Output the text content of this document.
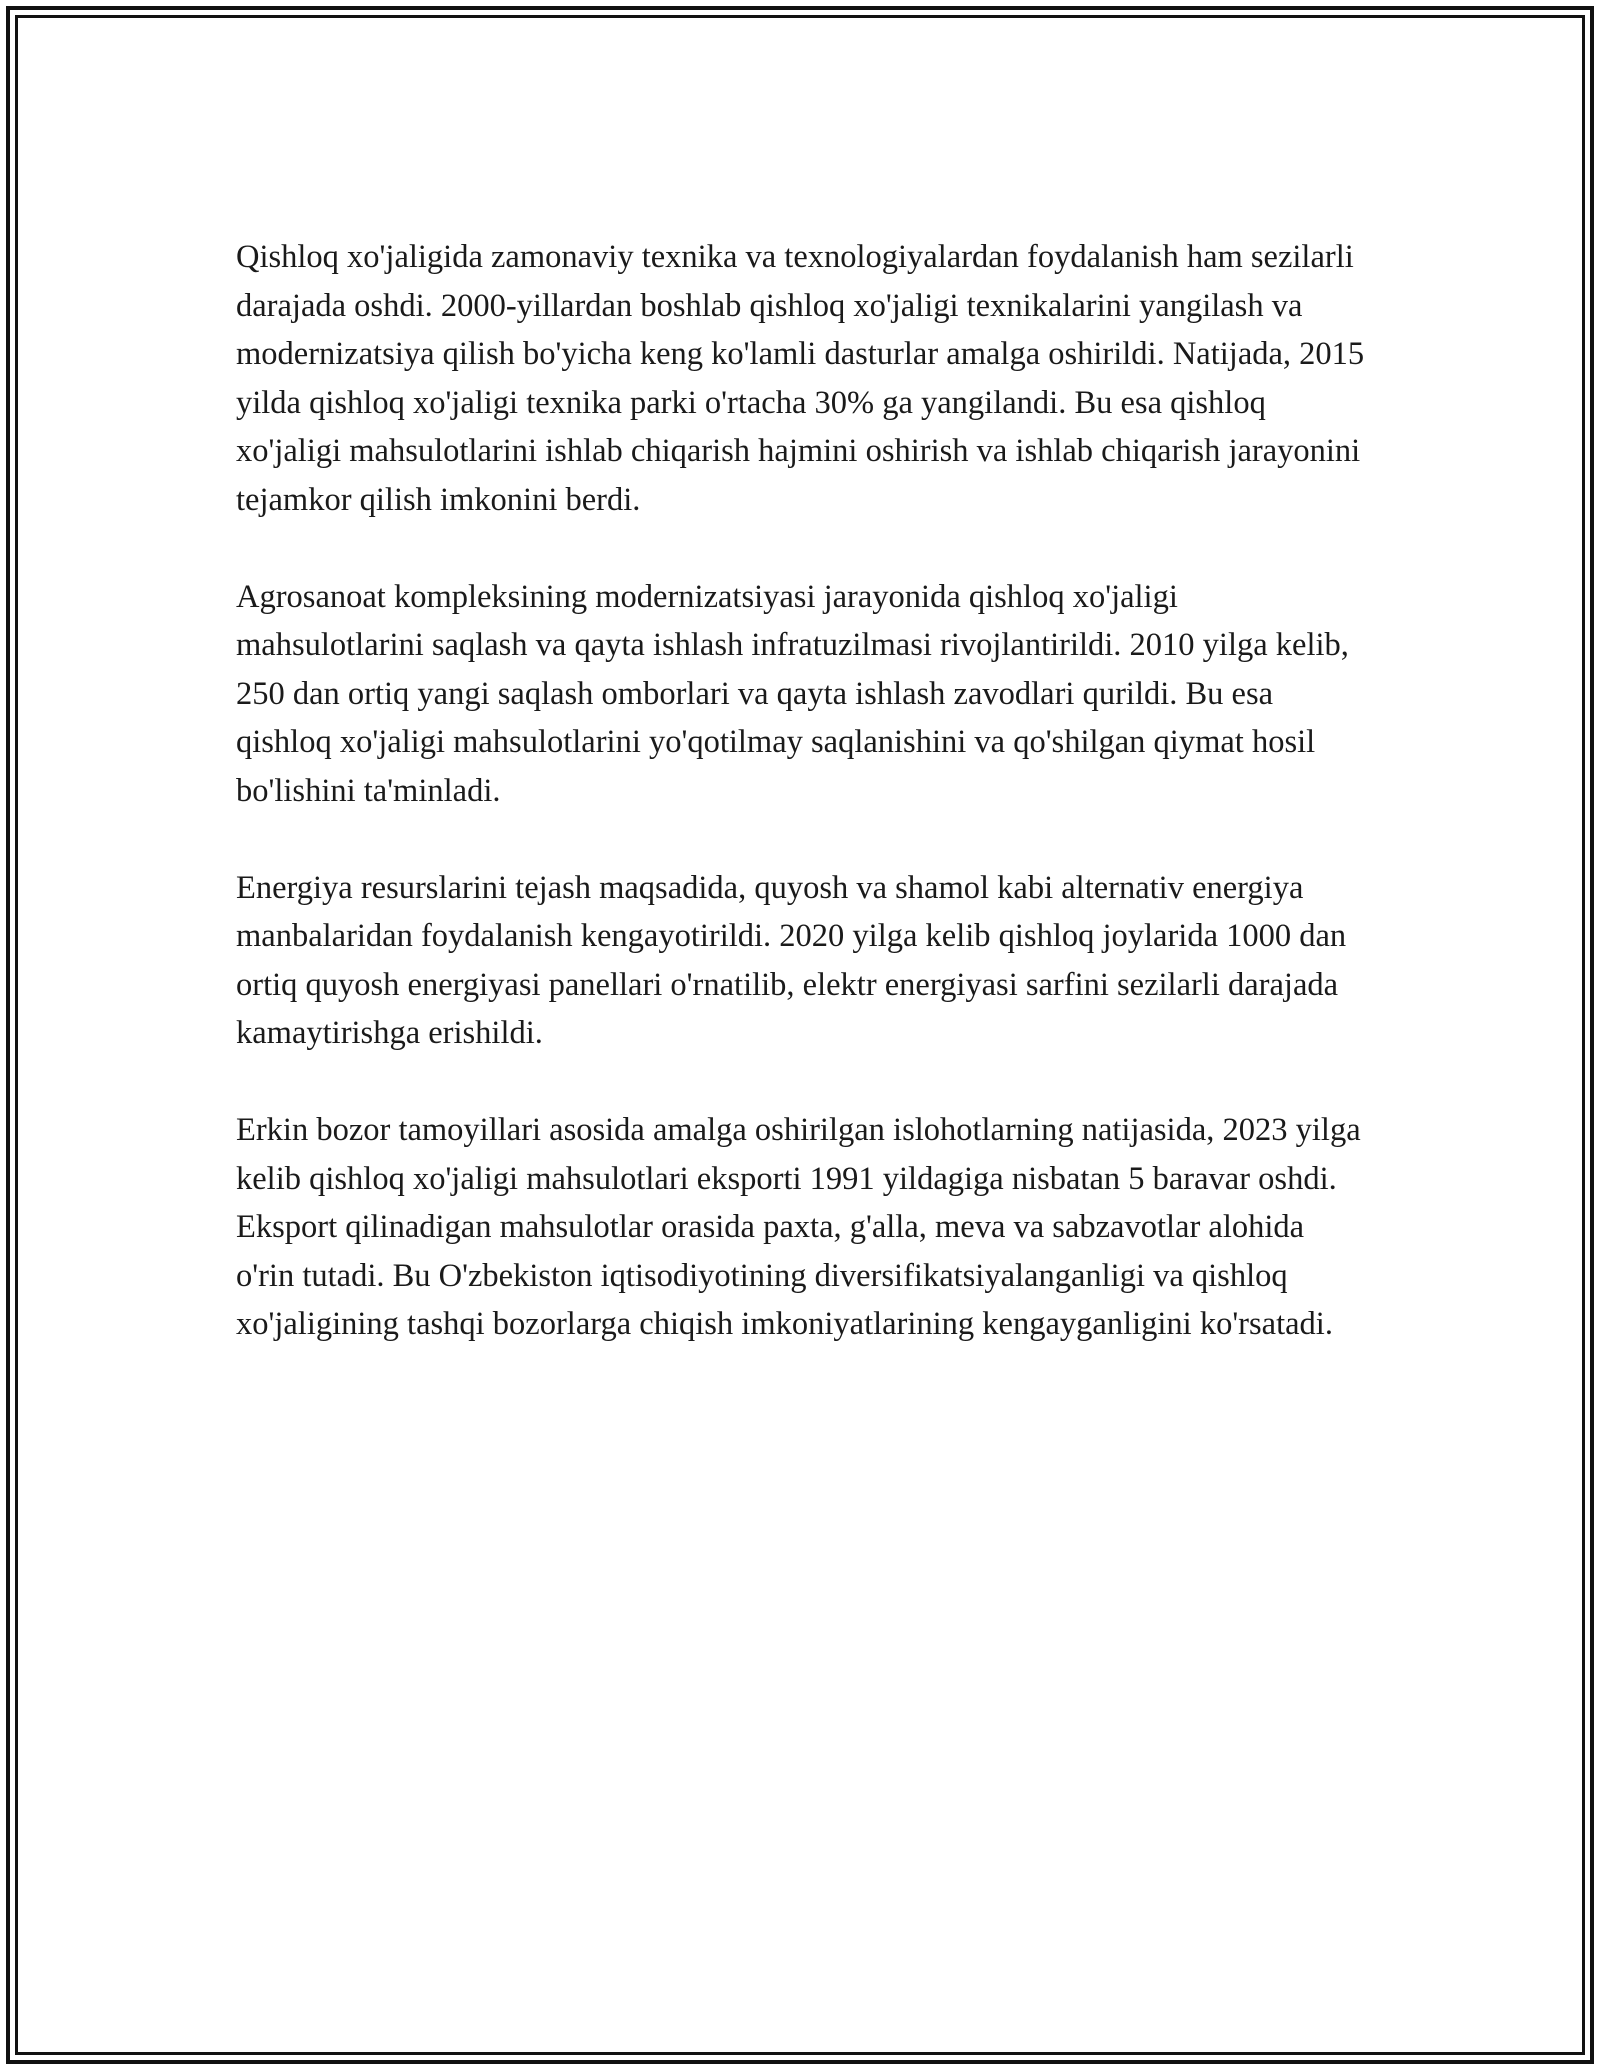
Qishloq xo'jaligida zamonaviy texnika va texnologiyalardan foydalanish ham sezilarli darajada oshdi. 2000-yillardan boshlab qishloq xo'jaligi texnikalarini yangilash va modernizatsiya qilish bo'yicha keng ko'lamli dasturlar amalga oshirildi. Natijada, 2015 yilda qishloq xo'jaligi texnika parki o'rtacha 30% ga yangilandi. Bu esa qishloq xo'jaligi mahsulotlarini ishlab chiqarish hajmini oshirish va ishlab chiqarish jarayonini tejamkor qilish imkonini berdi.

Agrosanoat kompleksining modernizatsiyasi jarayonida qishloq xo'jaligi mahsulotlarini saqlash va qayta ishlash infratuzilmasi rivojlantirildi. 2010 yilga kelib, 250 dan ortiq yangi saqlash omborlari va qayta ishlash zavodlari qurildi. Bu esa qishloq xo'jaligi mahsulotlarini yo'qotilmay saqlanishini va qo'shilgan qiymat hosil bo'lishini ta'minladi.

Energiya resurslarini tejash maqsadida, quyosh va shamol kabi alternativ energiya manbalaridan foydalanish kengayotirildi. 2020 yilga kelib qishloq joylarida 1000 dan ortiq quyosh energiyasi panellari o'rnatilib, elektr energiyasi sarfini sezilarli darajada kamaytirishga erishildi.

Erkin bozor tamoyillari asosida amalga oshirilgan islohotlarning natijasida, 2023 yilga kelib qishloq xo'jaligi mahsulotlari eksporti 1991 yildagiga nisbatan 5 baravar oshdi. Eksport qilinadigan mahsulotlar orasida paxta, g'alla, meva va sabzavotlar alohida o'rin tutadi. Bu O'zbekiston iqtisodiyotining diversifikatsiyalanganligi va qishloq xo'jaligining tashqi bozorlarga chiqish imkoniyatlarining kengayganligini ko'rsatadi.
